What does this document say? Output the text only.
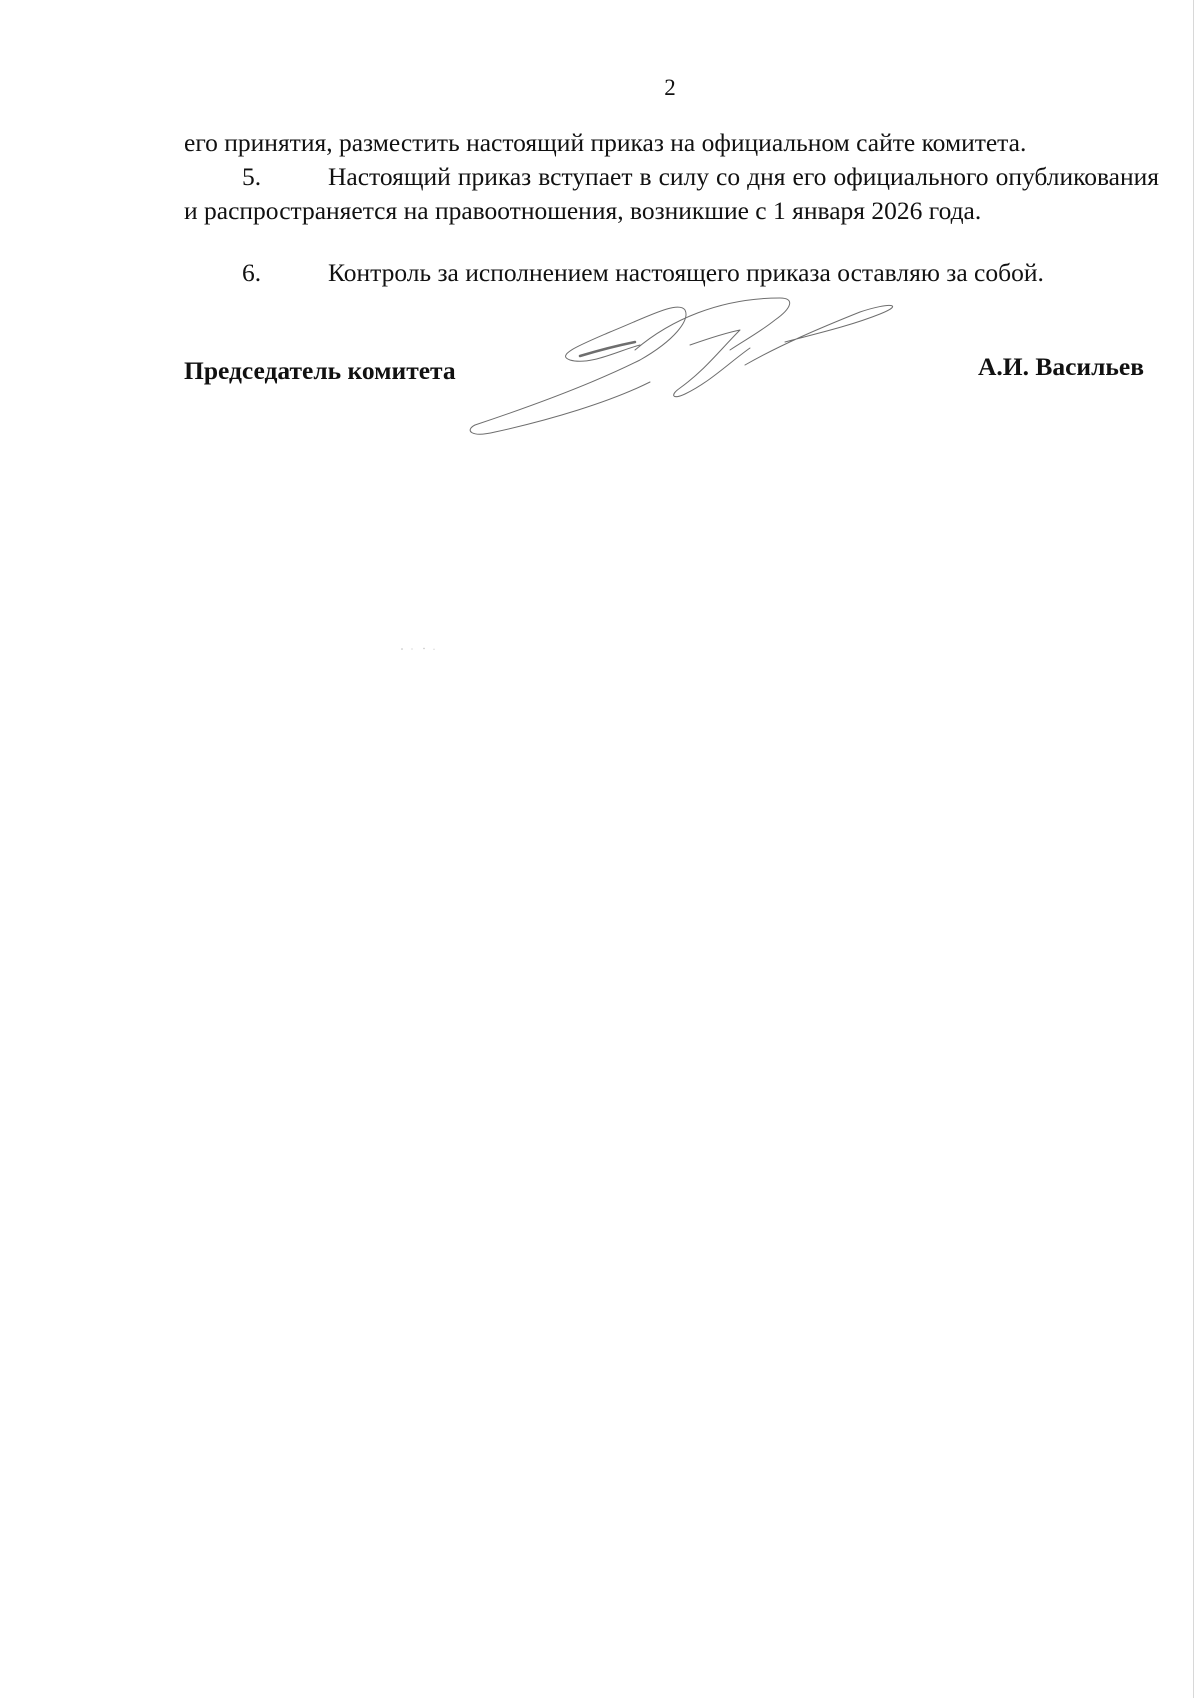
2
его принятия, разместить настоящий приказ на официальном сайте комитета.
5.	Настоящий приказ вступает в силу со дня его официального опубликования и распространяется на правоотношения, возникшие с 1 января 2026 года.
6.	Контроль за исполнением настоящего приказа оставляю за собой.
Председатель комитета	А.И. Васильев
